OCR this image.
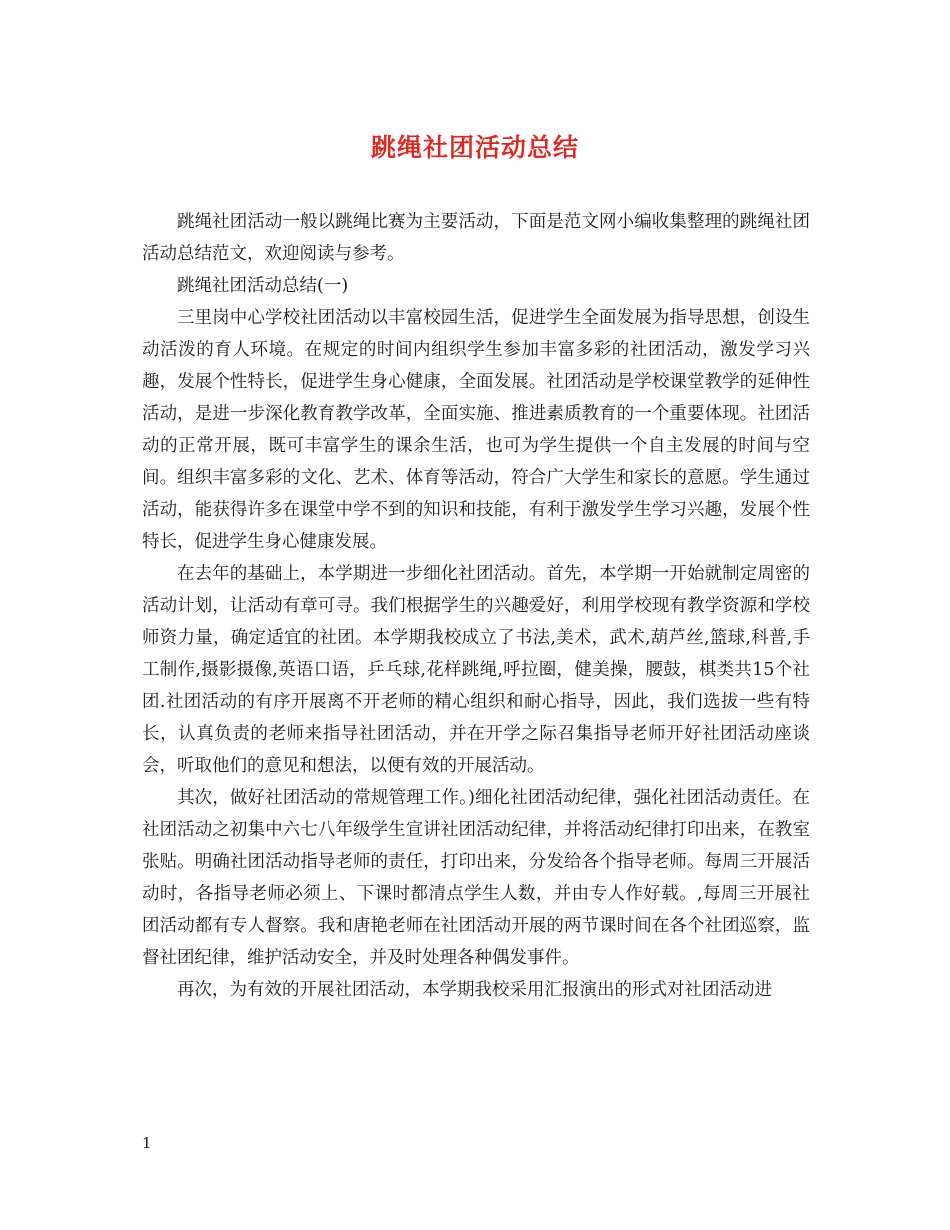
跳绳社团活动总结

跳绳社团活动一般以跳绳比赛为主要活动，下面是范文网小编收集整理的跳绳社团活动总结范文，欢迎阅读与参考。

跳绳社团活动总结(一)

三里岗中心学校社团活动以丰富校园生活，促进学生全面发展为指导思想，创设生动活泼的育人环境。在规定的时间内组织学生参加丰富多彩的社团活动，激发学习兴趣，发展个性特长，促进学生身心健康，全面发展。社团活动是学校课堂教学的延伸性活动，是进一步深化教育教学改革，全面实施、推进素质教育的一个重要体现。社团活动的正常开展，既可丰富学生的课余生活，也可为学生提供一个自主发展的时间与空间。组织丰富多彩的文化、艺术、体育等活动，符合广大学生和家长的意愿。学生通过活动，能获得许多在课堂中学不到的知识和技能，有利于激发学生学习兴趣，发展个性特长，促进学生身心健康发展。

在去年的基础上，本学期进一步细化社团活动。首先，本学期一开始就制定周密的活动计划，让活动有章可寻。我们根据学生的兴趣爱好，利用学校现有教学资源和学校师资力量，确定适宜的社团。本学期我校成立了书法,美术，武术,葫芦丝,篮球,科普,手工制作,摄影摄像,英语口语，乒乓球,花样跳绳,呼拉圈，健美操，腰鼓，棋类共15个社团.社团活动的有序开展离不开老师的精心组织和耐心指导，因此，我们选拔一些有特长，认真负责的老师来指导社团活动，并在开学之际召集指导老师开好社团活动座谈会，听取他们的意见和想法，以便有效的开展活动。

其次，做好社团活动的常规管理工作。)细化社团活动纪律，强化社团活动责任。在社团活动之初集中六七八年级学生宣讲社团活动纪律，并将活动纪律打印出来，在教室张贴。明确社团活动指导老师的责任，打印出来，分发给各个指导老师。每周三开展活动时，各指导老师必须上、下课时都清点学生人数，并由专人作好载。,每周三开展社团活动都有专人督察。我和唐艳老师在社团活动开展的两节课时间在各个社团巡察，监督社团纪律，维护活动安全，并及时处理各种偶发事件。

再次，为有效的开展社团活动，本学期我校采用汇报演出的形式对社团活动进

1
